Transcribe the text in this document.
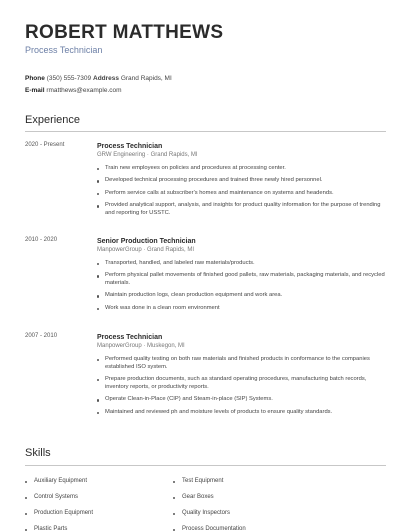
ROBERT MATTHEWS
Process Technician
Phone (350) 555-7309 Address Grand Rapids, MI
E-mail rmatthews@example.com
Experience
2020 - Present	Process Technician
GRW Engineering · Grand Rapids, MI
Train new employees on policies and procedures at processing center.
Developed technical processing procedures and trained three newly hired personnel.
Perform service calls at subscriber's homes and maintenance on systems and headends.
Provided analytical support, analysis, and insights for product quality information for the purpose of trending and reporting for USSTC.
2010 - 2020	Senior Production Technician
ManpowerGroup · Grand Rapids, MI
Transported, handled, and labeled raw materials/products.
Perform physical pallet movements of finished good pallets, raw materials, packaging materials, and recycled materials.
Maintain production logs, clean production equipment and work area.
Work was done in a clean room environment
2007 - 2010	Process Technician
ManpowerGroup · Muskegon, MI
Performed quality testing on both raw materials and finished products in conformance to the companies established ISO system.
Prepare production documents, such as standard operating procedures, manufacturing batch records, inventory reports, or productivity reports.
Operate Clean-in-Place (CIP) and Steam-in-place (SIP) Systems.
Maintained and reviewed ph and moisture levels of products to ensure quality standards.
Skills
Auxiliary Equipment	Test Equipment
Control Systems	Gear Boxes
Production Equipment	Quality Inspectors
Plastic Parts	Process Documentation
